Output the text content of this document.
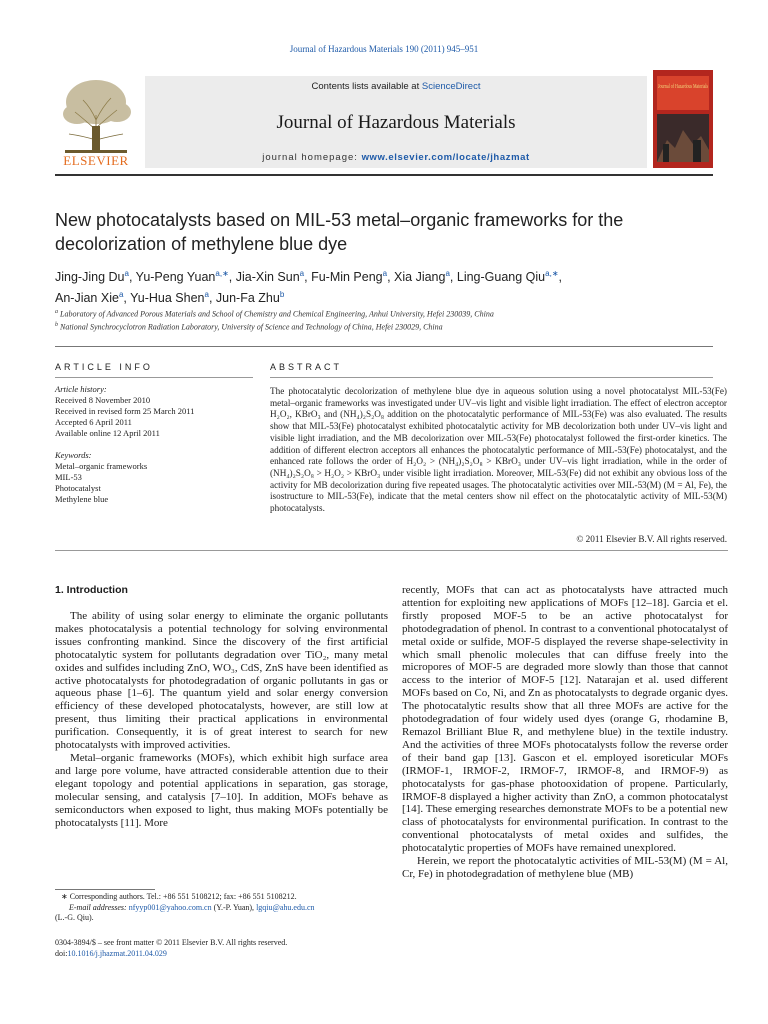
Journal of Hazardous Materials 190 (2011) 945–951
ELSEVIER
Contents lists available at ScienceDirect
Journal of Hazardous Materials
journal homepage: www.elsevier.com/locate/jhazmat
Journal of Hazardous Materials
New photocatalysts based on MIL-53 metal–organic frameworks for the decolorization of methylene blue dye
Jing-Jing Du$^a$, Yu-Peng Yuan$^{a,∗}$, Jia-Xin Sun$^a$, Fu-Min Peng$^a$, Xia Jiang$^a$, Ling-Guang Qiu$^{a,∗}$,
An-Jian Xie$^a$, Yu-Hua Shen$^a$, Jun-Fa Zhu$^b$
$^a$ Laboratory of Advanced Porous Materials and School of Chemistry and Chemical Engineering, Anhui University, Hefei 230039, China
$^b$ National Synchrocyclotron Radiation Laboratory, University of Science and Technology of China, Hefei 230029, China
ARTICLE INFO	ABSTRACT
Article history:
Received 8 November 2010
Received in revised form 25 March 2011
Accepted 6 April 2011
Available online 12 April 2011
Keywords:
Metal–organic frameworks
MIL-53
Photocatalyst
Methylene blue

The photocatalytic decolorization of methylene blue dye in aqueous solution using a novel photocatalyst MIL-53(Fe) metal–organic frameworks was investigated under UV–vis light and visible light irradiation. The effect of electron acceptor H₂O₂, KBrO₃ and (NH₄)₂S₂O₈ addition on the photocatalytic performance of MIL-53(Fe) was also evaluated. The results show that MIL-53(Fe) photocatalyst exhibited photocatalytic activity for MB decolorization both under UV–vis light and visible light irradiation, and the MB decolorization over MIL-53(Fe) photocatalyst followed the first-order kinetics. The addition of different electron acceptors all enhances the photocatalytic performance of MIL-53(Fe) photocatalyst, and the enhanced rate follows the order of H₂O₂ > (NH₄)₂S₂O₈ > KBrO₃ under UV–vis light irradiation, while in the order of (NH₄)₂S₂O₈ > H₂O₂ > KBrO₃ under visible light irradiation. Moreover, MIL-53(Fe) did not exhibit any obvious loss of the activity for MB decolorization during five repeated usages. The photocatalytic activities over MIL-53(M) (M = Al, Fe), the isostructure to MIL-53(Fe), indicate that the metal centers show nil effect on the photocatalytic activity of MIL-53(M) photocatalysts.

© 2011 Elsevier B.V. All rights reserved.
1. Introduction

The ability of using solar energy to eliminate the organic pollutants makes photocatalysis a potential technology for solving environmental issues confronting mankind. Since the discovery of the first artificial photocatalytic system for pollutants degradation over TiO₂, many metal oxides and sulfides including ZnO, WO₃, CdS, ZnS have been identified as active photocatalysts for photodegradation of organic pollutants in gas or aqueous phase [1–6]. The quantum yield and solar energy conversion efficiency of these developed photocatalysts, however, are still low at present, thus limiting their practical applications in environmental purification. Consequently, it is of great interest to search for new photocatalysts with improved activities.

Metal–organic frameworks (MOFs), which exhibit high surface area and large pore volume, have attracted considerable attention due to their elegant topology and potential applications in separation, gas storage, molecular sensing, and catalysis [7–10]. In addition, MOFs behave as semiconductors when exposed to light, thus making MOFs potentially be photocatalysts [11]. More

recently, MOFs that can act as photocatalysts have attracted much attention for exploiting new applications of MOFs [12–18]. Garcia et el. firstly proposed MOF-5 to be an active photocatalyst for photodegradation of phenol. In contrast to a conventional photocatalyst of metal oxide or sulfide, MOF-5 displayed the reverse shape-selectivity in which small phenolic molecules that can diffuse freely into the micropores of MOF-5 are degraded more slowly than those that cannot access to the interior of MOF-5 [12]. Natarajan et al. used different MOFs based on Co, Ni, and Zn as photocatalysts to degrade organic dyes. The photocatalytic results show that all three MOFs are active for the photodegradation of four widely used dyes (orange G, rhodamine B, Remazol Brilliant Blue R, and methylene blue) in the textile industry. And the activities of three MOFs photocatalysts follow the reverse order of their band gap [13]. Gascon et el. employed isoreticular MOFs (IRMOF-1, IRMOF-2, IRMOF-7, IRMOF-8, and IRMOF-9) as photocatalysts for gas-phase photooxidation of propene. Particularly, IRMOF-8 displayed a higher activity than ZnO, a common photocatalyst [14]. These emerging researches demonstrate MOFs to be a potential new class of photocatalysts for environmental purification. In contrast to the conventional photocatalysts of metal oxides and sulfides, the photocatalytic properties of MOFs have remained unexplored.

Herein, we report the photocatalytic activities of MIL-53(M) (M = Al, Cr, Fe) in photodegradation of methylene blue (MB)

∗ Corresponding authors. Tel.: +86 551 5108212; fax: +86 551 5108212.
E-mail addresses: nfyyp001@yahoo.com.cn (Y.-P. Yuan), lgqiu@ahu.edu.cn
(L.-G. Qiu).
0304-3894/$ – see front matter © 2011 Elsevier B.V. All rights reserved.
doi:10.1016/j.jhazmat.2011.04.029
